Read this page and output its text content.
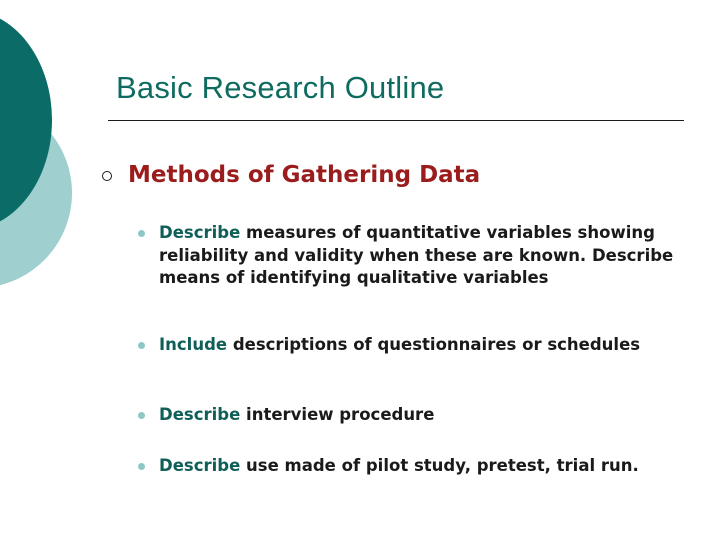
Basic Research Outline
Methods of Gathering Data

Describe measures of quantitative variables showing reliability and validity when these are known. Describe means of identifying qualitative variables

Include descriptions of questionnaires or schedules

Describe interview procedure

Describe use made of pilot study, pretest, trial run.
